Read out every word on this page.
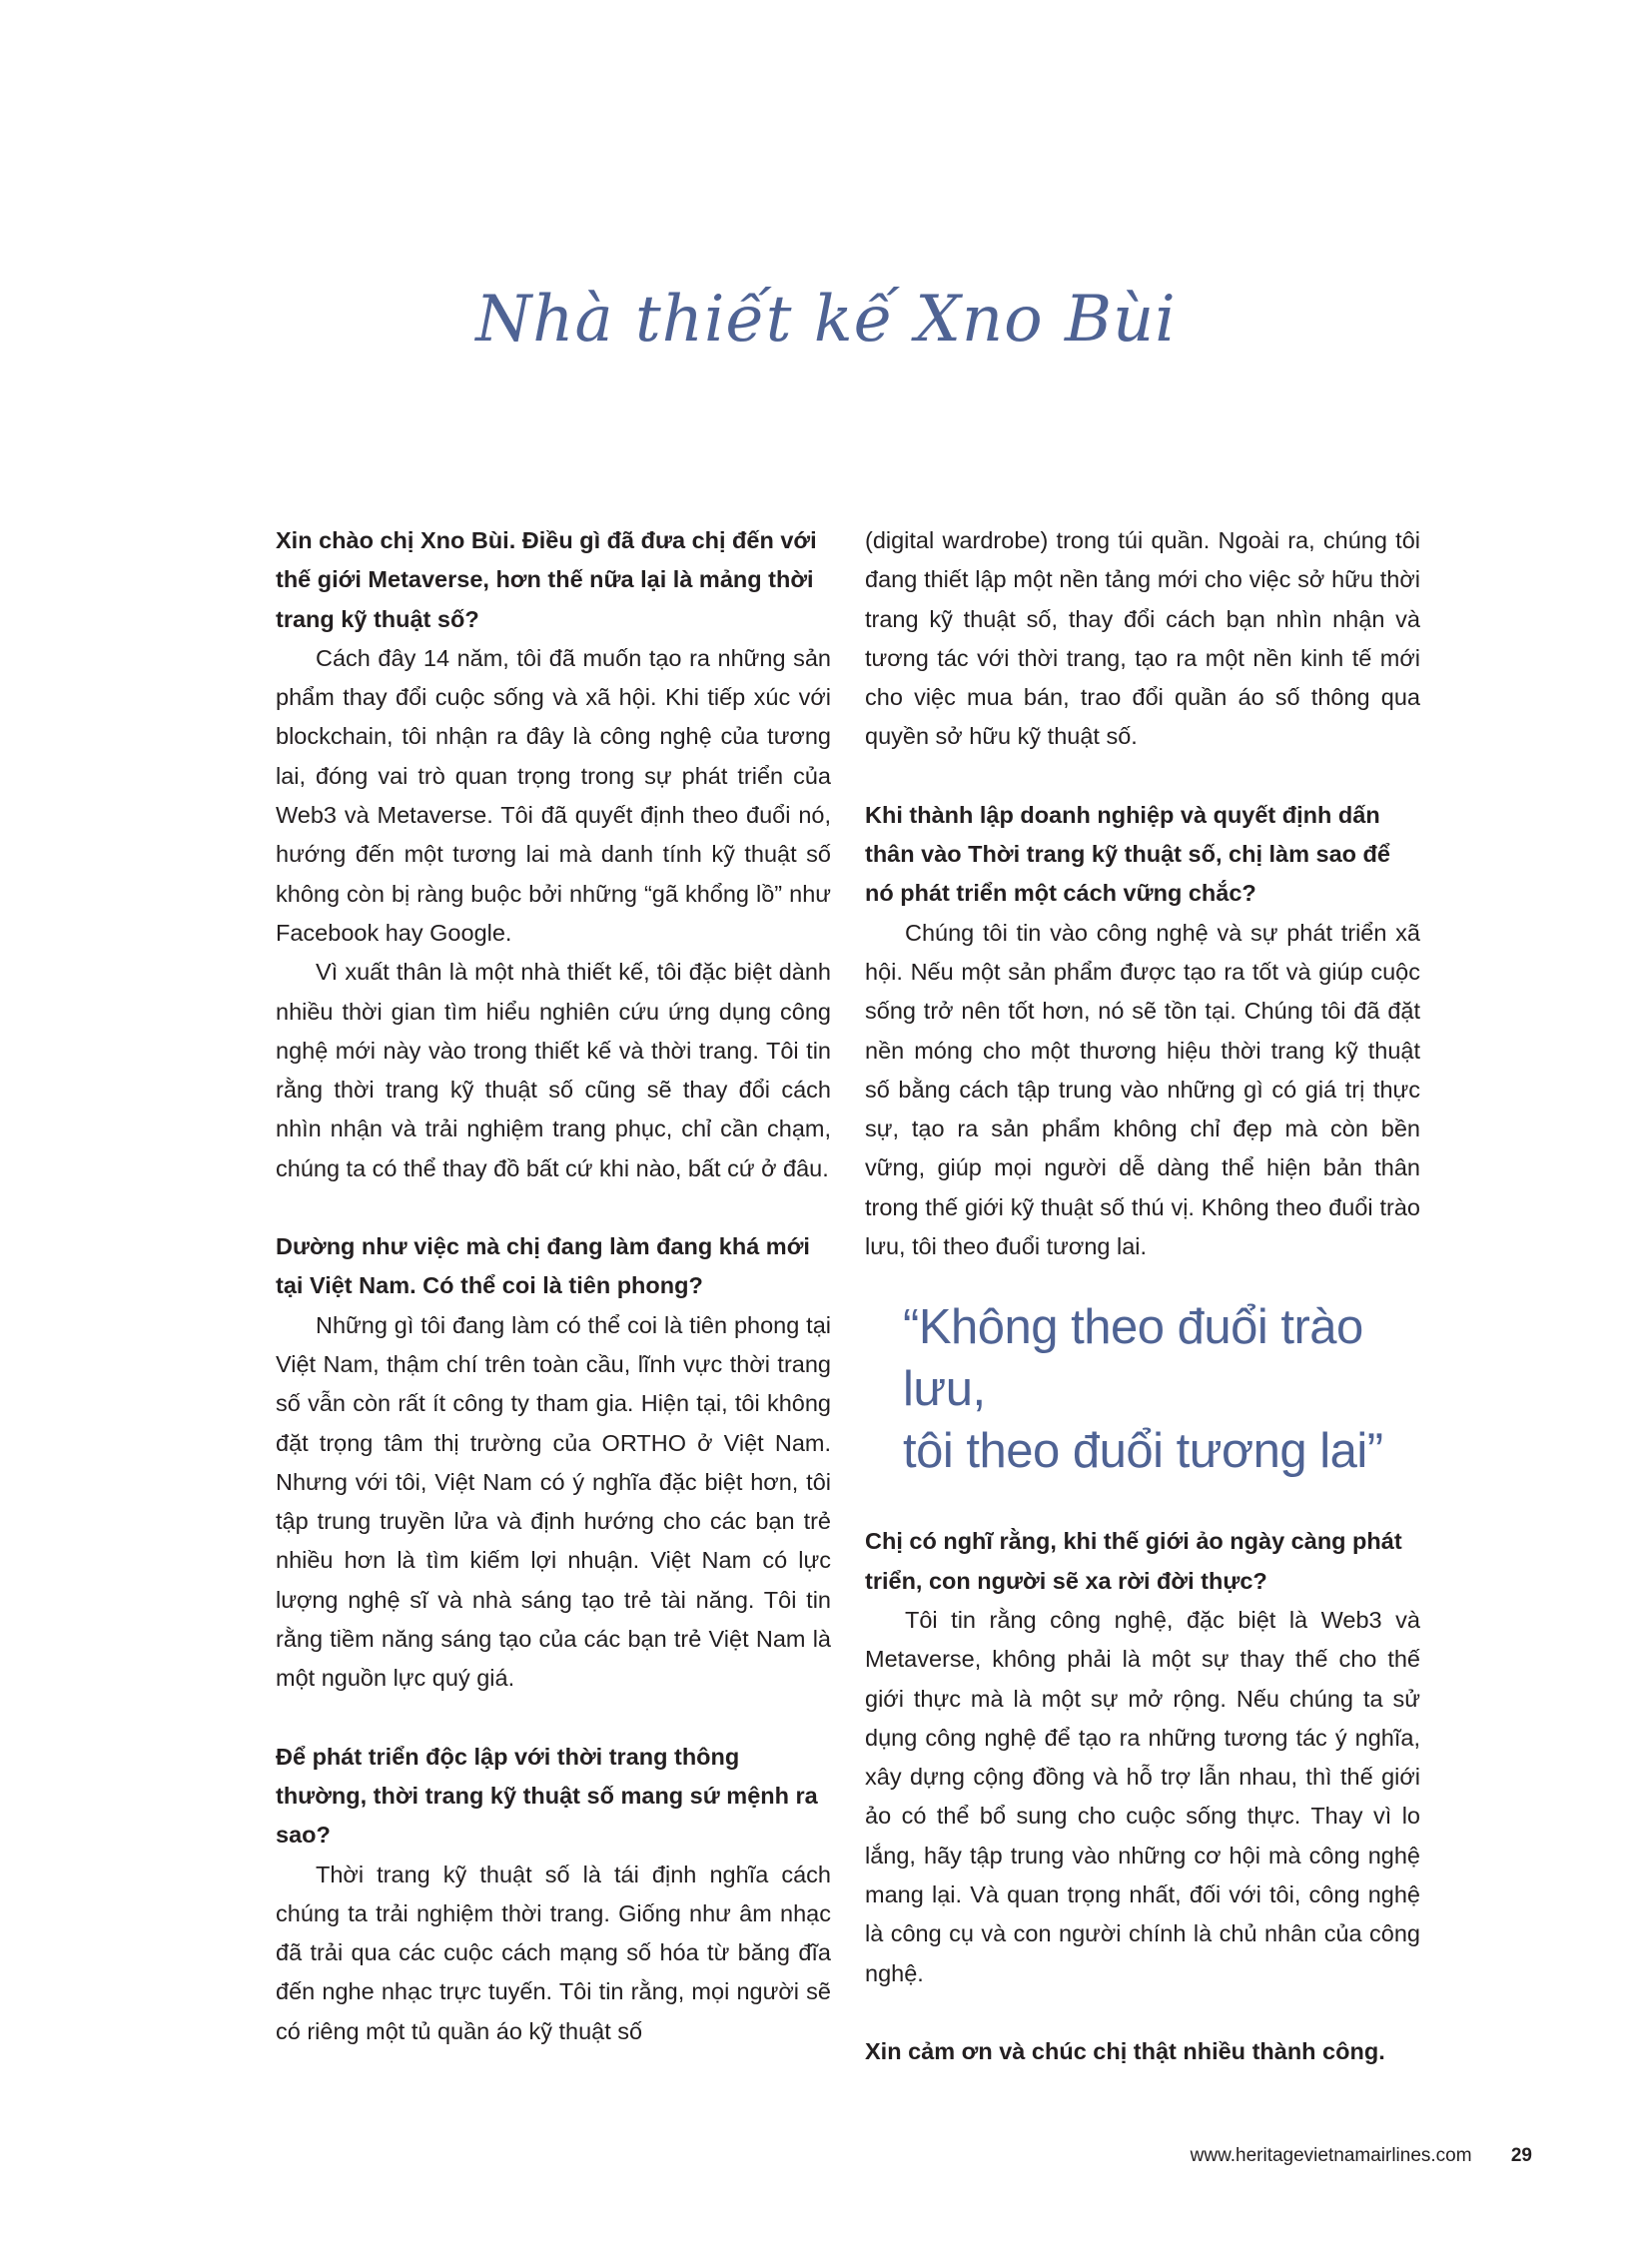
Nhà thiết kế Xno Bùi

Xin chào chị Xno Bùi. Điều gì đã đưa chị đến với thế giới Metaverse, hơn thế nữa lại là mảng thời trang kỹ thuật số?

Cách đây 14 năm, tôi đã muốn tạo ra những sản phẩm thay đổi cuộc sống và xã hội. Khi tiếp xúc với blockchain, tôi nhận ra đây là công nghệ của tương lai, đóng vai trò quan trọng trong sự phát triển của Web3 và Metaverse. Tôi đã quyết định theo đuổi nó, hướng đến một tương lai mà danh tính kỹ thuật số không còn bị ràng buộc bởi những “gã khổng lồ” như Facebook hay Google.

Vì xuất thân là một nhà thiết kế, tôi đặc biệt dành nhiều thời gian tìm hiểu nghiên cứu ứng dụng công nghệ mới này vào trong thiết kế và thời trang. Tôi tin rằng thời trang kỹ thuật số cũng sẽ thay đổi cách nhìn nhận và trải nghiệm trang phục, chỉ cần chạm, chúng ta có thể thay đồ bất cứ khi nào, bất cứ ở đâu.

Dường như việc mà chị đang làm đang khá mới tại Việt Nam. Có thể coi là tiên phong?

Những gì tôi đang làm có thể coi là tiên phong tại Việt Nam, thậm chí trên toàn cầu, lĩnh vực thời trang số vẫn còn rất ít công ty tham gia. Hiện tại, tôi không đặt trọng tâm thị trường của ORTHO ở Việt Nam. Nhưng với tôi, Việt Nam có ý nghĩa đặc biệt hơn, tôi tập trung truyền lửa và định hướng cho các bạn trẻ nhiều hơn là tìm kiếm lợi nhuận. Việt Nam có lực lượng nghệ sĩ và nhà sáng tạo trẻ tài năng. Tôi tin rằng tiềm năng sáng tạo của các bạn trẻ Việt Nam là một nguồn lực quý giá.

Để phát triển độc lập với thời trang thông thường, thời trang kỹ thuật số mang sứ mệnh ra sao?

Thời trang kỹ thuật số là tái định nghĩa cách chúng ta trải nghiệm thời trang. Giống như âm nhạc đã trải qua các cuộc cách mạng số hóa từ băng đĩa đến nghe nhạc trực tuyến. Tôi tin rằng, mọi người sẽ có riêng một tủ quần áo kỹ thuật số

(digital wardrobe) trong túi quần. Ngoài ra, chúng tôi đang thiết lập một nền tảng mới cho việc sở hữu thời trang kỹ thuật số, thay đổi cách bạn nhìn nhận và tương tác với thời trang, tạo ra một nền kinh tế mới cho việc mua bán, trao đổi quần áo số thông qua quyền sở hữu kỹ thuật số.

Khi thành lập doanh nghiệp và quyết định dấn thân vào Thời trang kỹ thuật số, chị làm sao để nó phát triển một cách vững chắc?

Chúng tôi tin vào công nghệ và sự phát triển xã hội. Nếu một sản phẩm được tạo ra tốt và giúp cuộc sống trở nên tốt hơn, nó sẽ tồn tại. Chúng tôi đã đặt nền móng cho một thương hiệu thời trang kỹ thuật số bằng cách tập trung vào những gì có giá trị thực sự, tạo ra sản phẩm không chỉ đẹp mà còn bền vững, giúp mọi người dễ dàng thể hiện bản thân trong thế giới kỹ thuật số thú vị. Không theo đuổi trào lưu, tôi theo đuổi tương lai.

“Không theo đuổi trào lưu,
tôi theo đuổi tương lai”

Chị có nghĩ rằng, khi thế giới ảo ngày càng phát triển, con người sẽ xa rời đời thực?

Tôi tin rằng công nghệ, đặc biệt là Web3 và Metaverse, không phải là một sự thay thế cho thế giới thực mà là một sự mở rộng. Nếu chúng ta sử dụng công nghệ để tạo ra những tương tác ý nghĩa, xây dựng cộng đồng và hỗ trợ lẫn nhau, thì thế giới ảo có thể bổ sung cho cuộc sống thực. Thay vì lo lắng, hãy tập trung vào những cơ hội mà công nghệ mang lại. Và quan trọng nhất, đối với tôi, công nghệ là công cụ và con người chính là chủ nhân của công nghệ.

Xin cảm ơn và chúc chị thật nhiều thành công.

www.heritagevietnamairlines.com 29
